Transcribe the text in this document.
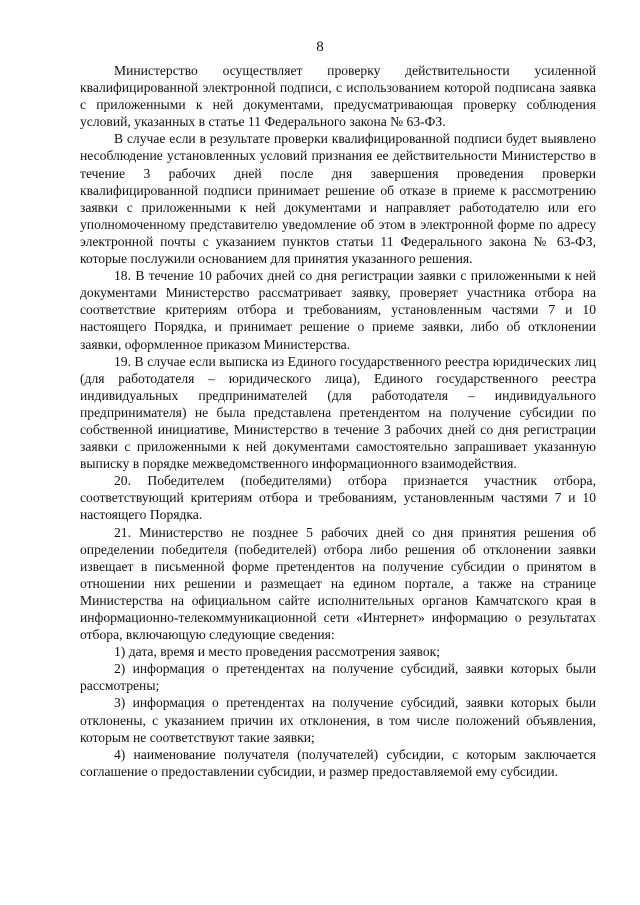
8

Министерство осуществляет проверку действительности усиленной квалифицированной электронной подписи, с использованием которой подписана заявка с приложенными к ней документами, предусматривающая проверку соблюдения условий, указанных в статье 11 Федерального закона № 63-ФЗ.

В случае если в результате проверки квалифицированной подписи будет выявлено несоблюдение установленных условий признания ее действительности Министерство в течение 3 рабочих дней после дня завершения проведения проверки квалифицированной подписи принимает решение об отказе в приеме к рассмотрению заявки с приложенными к ней документами и направляет работодателю или его уполномоченному представителю уведомление об этом в электронной форме по адресу электронной почты с указанием пунктов статьи 11 Федерального закона № 63-ФЗ, которые послужили основанием для принятия указанного решения.

18. В течение 10 рабочих дней со дня регистрации заявки с приложенными к ней документами Министерство рассматривает заявку, проверяет участника отбора на соответствие критериям отбора и требованиям, установленным частями 7 и 10 настоящего Порядка, и принимает решение о приеме заявки, либо об отклонении заявки, оформленное приказом Министерства.

19. В случае если выписка из Единого государственного реестра юридических лиц (для работодателя – юридического лица), Единого государственного реестра индивидуальных предпринимателей (для работодателя – индивидуального предпринимателя) не была представлена претендентом на получение субсидии по собственной инициативе, Министерство в течение 3 рабочих дней со дня регистрации заявки с приложенными к ней документами самостоятельно запрашивает указанную выписку в порядке межведомственного информационного взаимодействия.

20. Победителем (победителями) отбора признается участник отбора, соответствующий критериям отбора и требованиям, установленным частями 7 и 10 настоящего Порядка.

21. Министерство не позднее 5 рабочих дней со дня принятия решения об определении победителя (победителей) отбора либо решения об отклонении заявки извещает в письменной форме претендентов на получение субсидии о принятом в отношении них решении и размещает на едином портале, а также на странице Министерства на официальном сайте исполнительных органов Камчатского края в информационно-телекоммуникационной сети «Интернет» информацию о результатах отбора, включающую следующие сведения:

1) дата, время и место проведения рассмотрения заявок;

2) информация о претендентах на получение субсидий, заявки которых были рассмотрены;

3) информация о претендентах на получение субсидий, заявки которых были отклонены, с указанием причин их отклонения, в том числе положений объявления, которым не соответствуют такие заявки;

4) наименование получателя (получателей) субсидии, с которым заключается соглашение о предоставлении субсидии, и размер предоставляемой ему субсидии.
